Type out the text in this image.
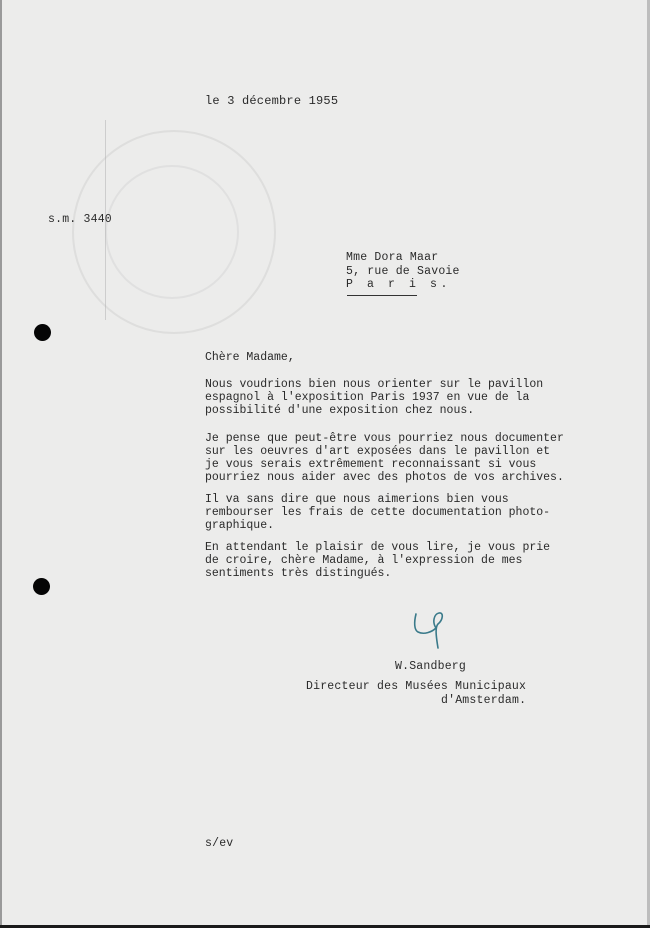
le 3 décembre 1955
s.m. 3440
Mme Dora Maar
5, rue de Savoie
P a r i s.
Chère Madame,
Nous voudrions bien nous orienter sur le pavillon
espagnol à l'exposition Paris 1937 en vue de la
possibilité d'une exposition chez nous.
Je pense que peut-être vous pourriez nous documenter
sur les oeuvres d'art exposées dans le pavillon et
je vous serais extrêmement reconnaissant si vous
pourriez nous aider avec des photos de vos archives.
Il va sans dire que nous aimerions bien vous
rembourser les frais de cette documentation photo-
graphique.
En attendant le plaisir de vous lire, je vous prie
de croire, chère Madame, à l'expression de mes
sentiments très distingués.
W.Sandberg
Directeur des Musées Municipaux
d'Amsterdam.
s/ev
